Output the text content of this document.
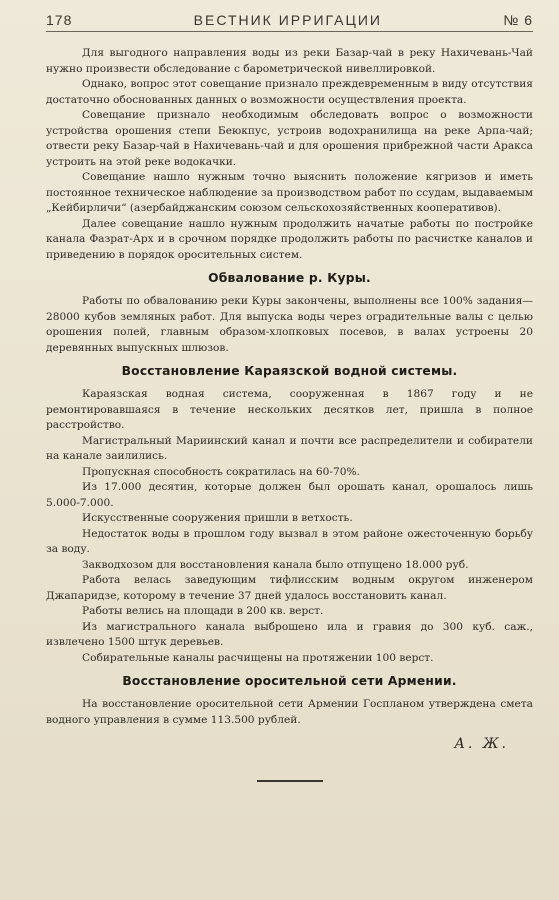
178	ВЕСТНИК ИРРИГАЦИИ	№ 6

Для выгодного направления воды из реки Базар-чай в реку Нахичевань-Чай нужно произвести обследование с барометрической нивеллировкой.

Однако, вопрос этот совещание признало преждевременным в виду отсутствия достаточно обоснованных данных о возможности осуществления проекта.

Совещание признало необходимым обследовать вопрос о возможности устройства орошения степи Беюкпус, устроив водохранилища на реке Арпа-чай; отвести реку Базар-чай в Нахичевань-чай и для орошения прибрежной части Аракса устроить на этой реке водокачки.

Совещание нашло нужным точно выяснить положение кягризов и иметь постоянное техническое наблюдение за производством работ по ссудам, выдаваемым „Кейбирличи“ (азербайджанским союзом сельскохозяйственных кооперативов).

Далее совещание нашло нужным продолжить начатые работы по постройке канала Фазрат-Арх и в срочном порядке продолжить работы по расчистке каналов и приведению в порядок оросительных систем.

Обвалование р. Куры.

Работы по обвалованию реки Куры закончены, выполнены все 100% задания—28000 кубов земляных работ. Для выпуска воды через оградительные валы с целью орошения полей, главным образом-хлопковых посевов, в валах устроены 20 деревянных выпускных шлюзов.

Восстановление Караязской водной системы.

Караязская водная система, сооруженная в 1867 году и не ремонтировавшаяся в течение нескольких десятков лет, пришла в полное расстройство.

Магистральный Мариинский канал и почти все распределители и собиратели на канале заилились.

Пропускная способность сократилась на 60-70%.

Из 17.000 десятин, которые должен был орошать канал, орошалось лишь 5.000-7.000.

Искусственные сооружения пришли в ветхость.

Недостаток воды в прошлом году вызвал в этом районе ожесточенную борьбу за воду.

Закводхозом для восстановления канала было отпущено 18.000 руб.

Работа велась заведующим тифлисским водным округом инженером Джапаридзе, которому в течение 37 дней удалось восстановить канал.

Работы велись на площади в 200 кв. верст.

Из магистрального канала выброшено ила и гравия до 300 куб. саж., извлечено 1500 штук деревьев.

Собирательные каналы расчищены на протяжении 100 верст.

Восстановление оросительной сети Армении.

На восстановление оросительной сети Армении Госпланом утверждена смета водного управления в сумме 113.500 рублей.

А. Ж.
